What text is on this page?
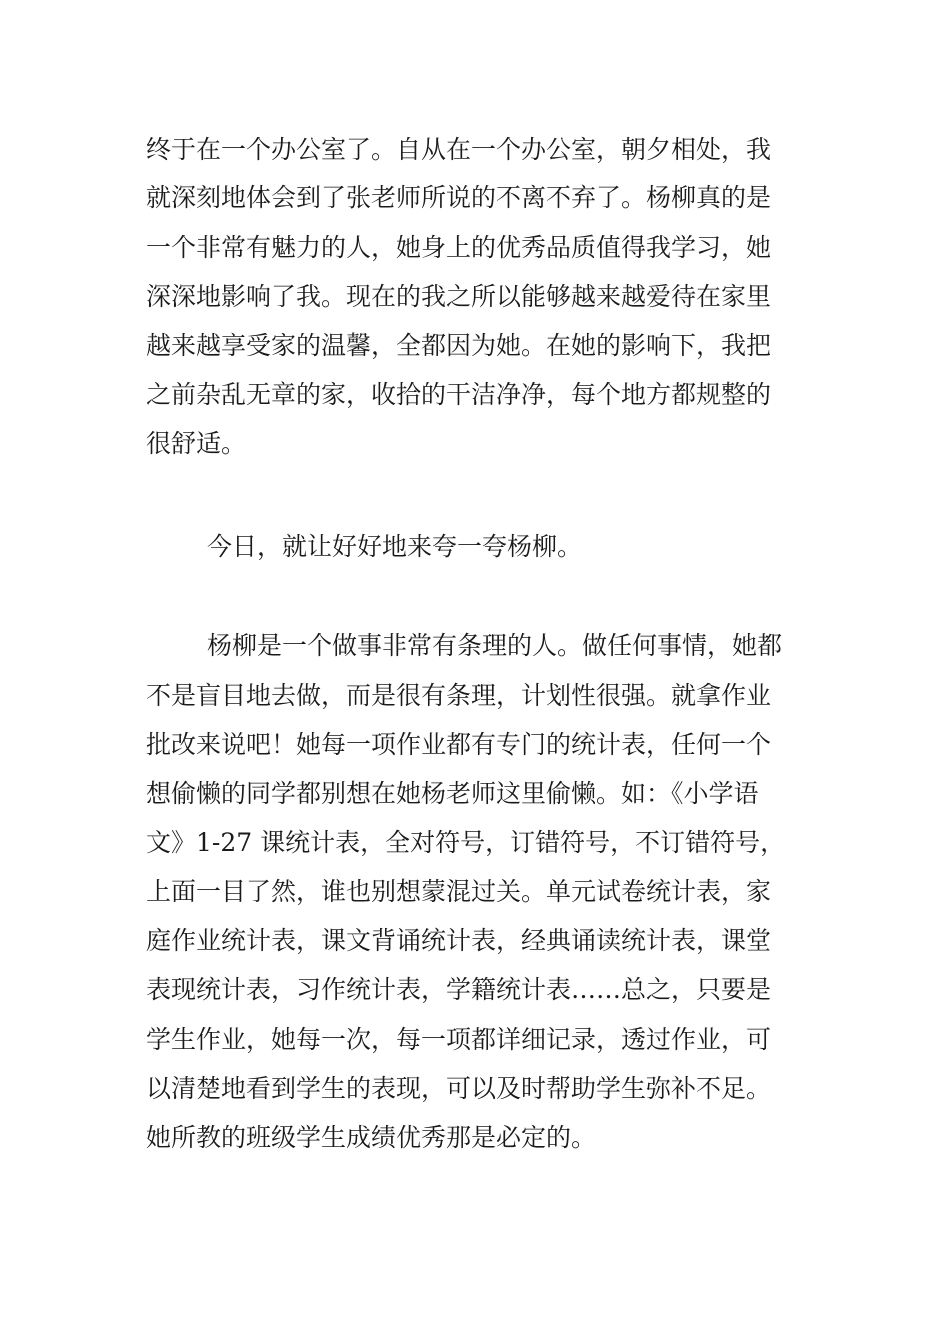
终于在一个办公室了。自从在一个办公室，朝夕相处，我
就深刻地体会到了张老师所说的不离不弃了。杨柳真的是
一个非常有魅力的人，她身上的优秀品质值得我学习，她
深深地影响了我。现在的我之所以能够越来越爱待在家里
越来越享受家的温馨，全都因为她。在她的影响下，我把
之前杂乱无章的家，收拾的干洁净净，每个地方都规整的
很舒适。
今日，就让好好地来夸一夸杨柳。
杨柳是一个做事非常有条理的人。做任何事情，她都
不是盲目地去做，而是很有条理，计划性很强。就拿作业
批改来说吧！她每一项作业都有专门的统计表，任何一个
想偷懒的同学都别想在她杨老师这里偷懒。如：《小学语
文》1-27 课统计表，全对符号，订错符号，不订错符号，
上面一目了然，谁也别想蒙混过关。单元试卷统计表，家
庭作业统计表，课文背诵统计表，经典诵读统计表，课堂
表现统计表，习作统计表，学籍统计表……总之，只要是
学生作业，她每一次，每一项都详细记录，透过作业，可
以清楚地看到学生的表现，可以及时帮助学生弥补不足。
她所教的班级学生成绩优秀那是必定的。
